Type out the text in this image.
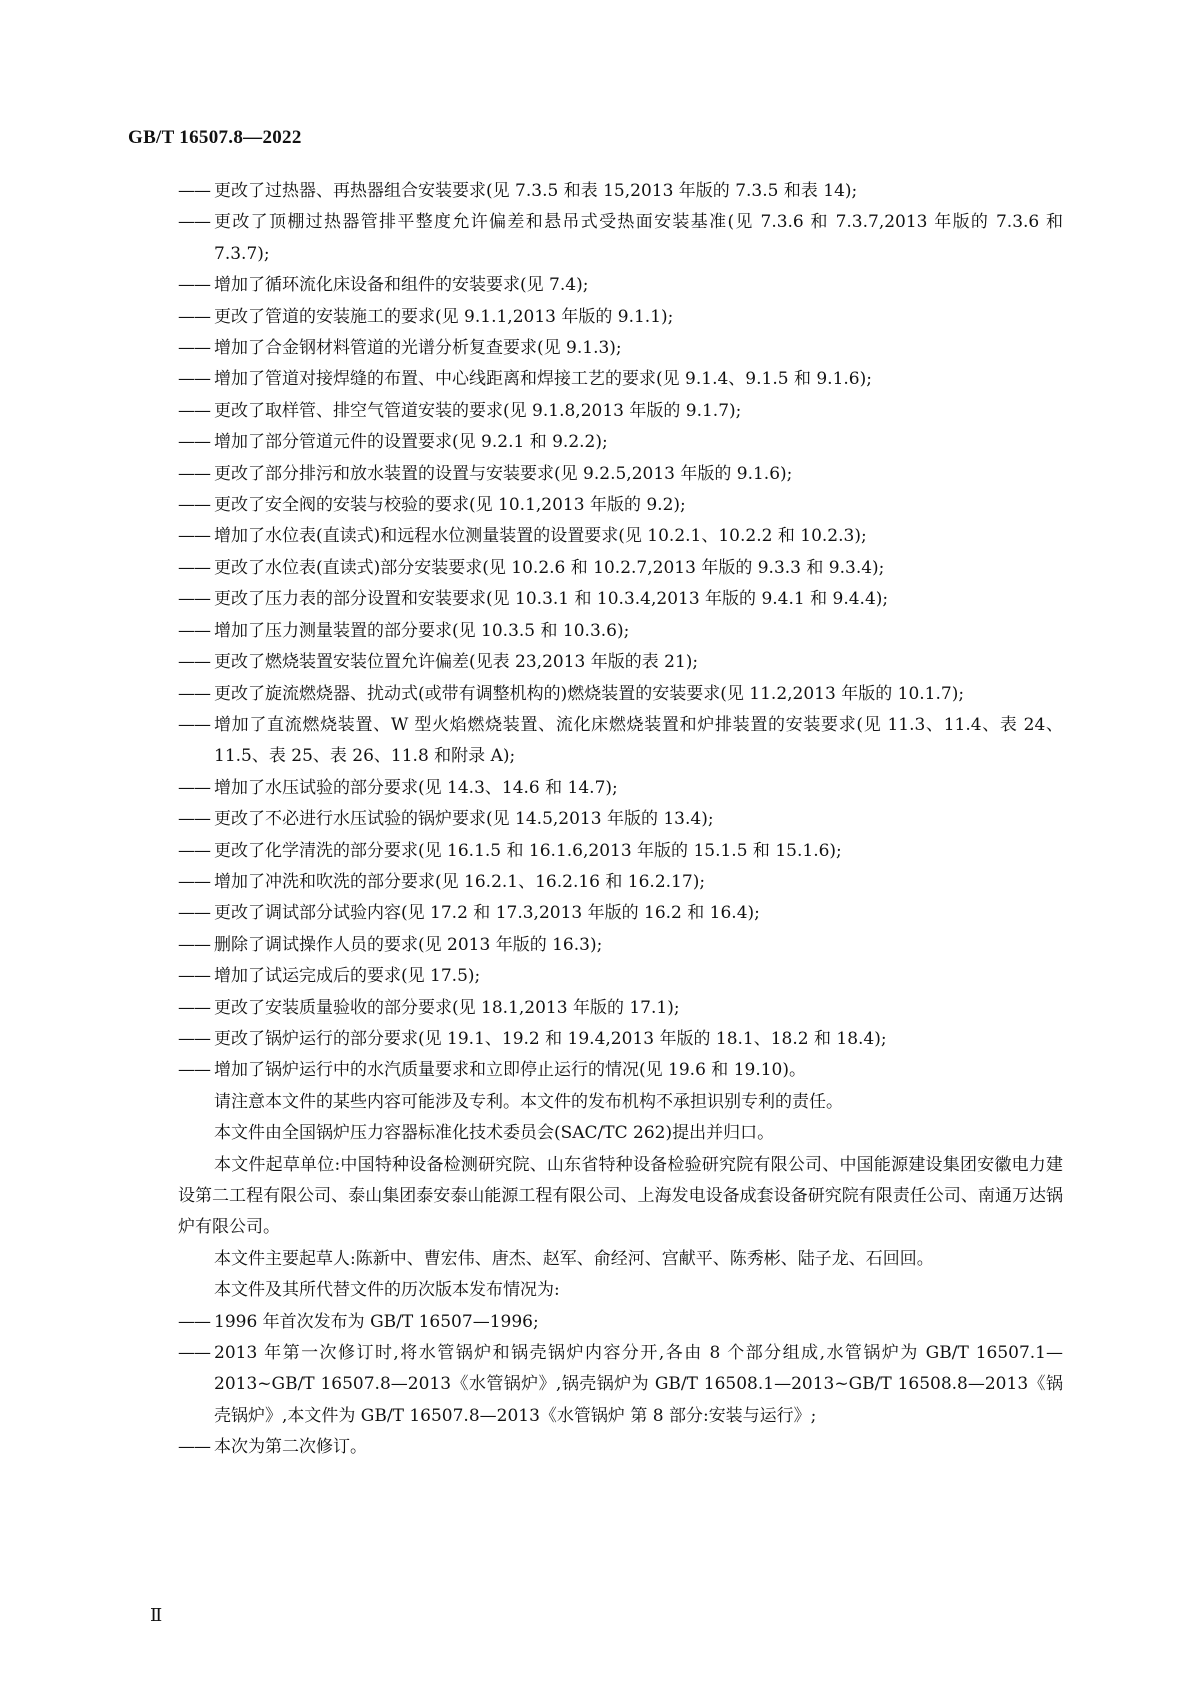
GB/T 16507.8—2022
—— 更改了过热器、再热器组合安装要求(见 7.3.5 和表 15,2013 年版的 7.3.5 和表 14);
—— 更改了顶棚过热器管排平整度允许偏差和悬吊式受热面安装基准(见 7.3.6 和 7.3.7,2013 年版的 7.3.6 和 7.3.7);
—— 增加了循环流化床设备和组件的安装要求(见 7.4);
—— 更改了管道的安装施工的要求(见 9.1.1,2013 年版的 9.1.1);
—— 增加了合金钢材料管道的光谱分析复查要求(见 9.1.3);
—— 增加了管道对接焊缝的布置、中心线距离和焊接工艺的要求(见 9.1.4、9.1.5 和 9.1.6);
—— 更改了取样管、排空气管道安装的要求(见 9.1.8,2013 年版的 9.1.7);
—— 增加了部分管道元件的设置要求(见 9.2.1 和 9.2.2);
—— 更改了部分排污和放水装置的设置与安装要求(见 9.2.5,2013 年版的 9.1.6);
—— 更改了安全阀的安装与校验的要求(见 10.1,2013 年版的 9.2);
—— 增加了水位表(直读式)和远程水位测量装置的设置要求(见 10.2.1、10.2.2 和 10.2.3);
—— 更改了水位表(直读式)部分安装要求(见 10.2.6 和 10.2.7,2013 年版的 9.3.3 和 9.3.4);
—— 更改了压力表的部分设置和安装要求(见 10.3.1 和 10.3.4,2013 年版的 9.4.1 和 9.4.4);
—— 增加了压力测量装置的部分要求(见 10.3.5 和 10.3.6);
—— 更改了燃烧装置安装位置允许偏差(见表 23,2013 年版的表 21);
—— 更改了旋流燃烧器、扰动式(或带有调整机构的)燃烧装置的安装要求(见 11.2,2013 年版的 10.1.7);
—— 增加了直流燃烧装置、W 型火焰燃烧装置、流化床燃烧装置和炉排装置的安装要求(见 11.3、11.4、表 24、11.5、表 25、表 26、11.8 和附录 A);
—— 增加了水压试验的部分要求(见 14.3、14.6 和 14.7);
—— 更改了不必进行水压试验的锅炉要求(见 14.5,2013 年版的 13.4);
—— 更改了化学清洗的部分要求(见 16.1.5 和 16.1.6,2013 年版的 15.1.5 和 15.1.6);
—— 增加了冲洗和吹洗的部分要求(见 16.2.1、16.2.16 和 16.2.17);
—— 更改了调试部分试验内容(见 17.2 和 17.3,2013 年版的 16.2 和 16.4);
—— 删除了调试操作人员的要求(见 2013 年版的 16.3);
—— 增加了试运完成后的要求(见 17.5);
—— 更改了安装质量验收的部分要求(见 18.1,2013 年版的 17.1);
—— 更改了锅炉运行的部分要求(见 19.1、19.2 和 19.4,2013 年版的 18.1、18.2 和 18.4);
—— 增加了锅炉运行中的水汽质量要求和立即停止运行的情况(见 19.6 和 19.10)。
请注意本文件的某些内容可能涉及专利。本文件的发布机构不承担识别专利的责任。
本文件由全国锅炉压力容器标准化技术委员会(SAC/TC 262)提出并归口。
本文件起草单位:中国特种设备检测研究院、山东省特种设备检验研究院有限公司、中国能源建设集团安徽电力建设第二工程有限公司、泰山集团泰安泰山能源工程有限公司、上海发电设备成套设备研究院有限责任公司、南通万达锅炉有限公司。
本文件主要起草人:陈新中、曹宏伟、唐杰、赵军、俞经河、宫献平、陈秀彬、陆子龙、石回回。
本文件及其所代替文件的历次版本发布情况为:
—— 1996 年首次发布为 GB/T 16507—1996;
—— 2013 年第一次修订时,将水管锅炉和锅壳锅炉内容分开,各由 8 个部分组成,水管锅炉为 GB/T 16507.1—2013~GB/T 16507.8—2013《水管锅炉》,锅壳锅炉为 GB/T 16508.1—2013~GB/T 16508.8—2013《锅壳锅炉》,本文件为 GB/T 16507.8—2013《水管锅炉 第 8 部分:安装与运行》;
—— 本次为第二次修订。
Ⅱ
